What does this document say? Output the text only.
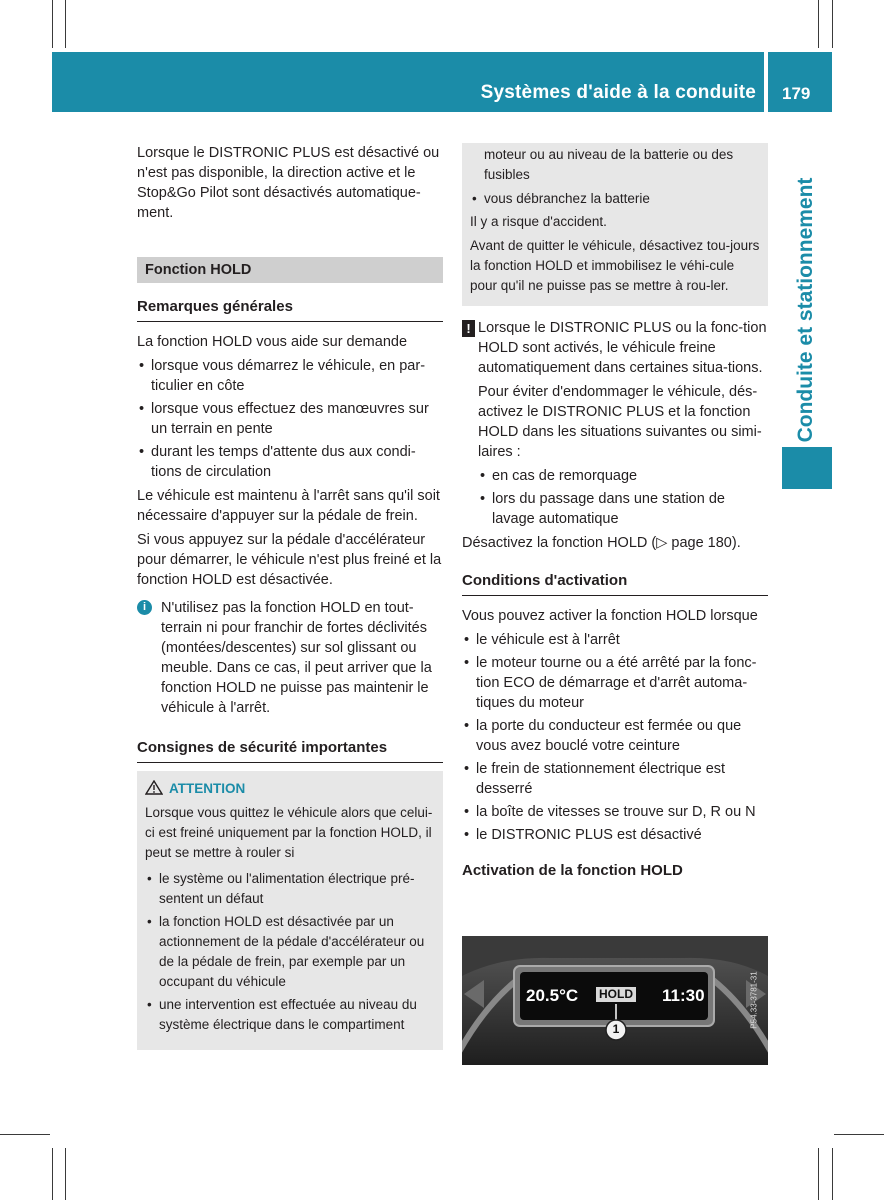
Systèmes d'aide à la conduite 179
Conduite et stationnement

Lorsque le DISTRONIC PLUS est désactivé ou n'est pas disponible, la direction active et le Stop&Go Pilot sont désactivés automatique-ment.

Fonction HOLD
Remarques générales

La fonction HOLD vous aide sur demande

• lorsque vous démarrez le véhicule, en par-ticulier en côte
• lorsque vous effectuez des manœuvres sur un terrain en pente
• durant les temps d'attente dus aux condi-tions de circulation

Le véhicule est maintenu à l'arrêt sans qu'il soit nécessaire d'appuyer sur la pédale de frein.

Si vous appuyez sur la pédale d'accélérateur pour démarrer, le véhicule n'est plus freiné et la fonction HOLD est désactivée.

i	N'utilisez pas la fonction HOLD en tout-terrain ni pour franchir de fortes déclivités (montées/descentes) sur sol glissant ou meuble. Dans ce cas, il peut arriver que la fonction HOLD ne puisse pas maintenir le véhicule à l'arrêt.
Consignes de sécurité importantes
ATTENTION

Lorsque vous quittez le véhicule alors que celui-ci est freiné uniquement par la fonction HOLD, il peut se mettre à rouler si

• le système ou l'alimentation électrique pré-sentent un défaut
• la fonction HOLD est désactivée par un actionnement de la pédale d'accélérateur ou de la pédale de frein, par exemple par un occupant du véhicule
• une intervention est effectuée au niveau du système électrique dans le compartiment

moteur ou au niveau de la batterie ou des fusibles

• vous débranchez la batterie

Il y a risque d'accident.

Avant de quitter le véhicule, désactivez tou-jours la fonction HOLD et immobilisez le véhi-cule pour qu'il ne puisse pas se mettre à rou-ler.

! Lorsque le DISTRONIC PLUS ou la fonc-tion HOLD sont activés, le véhicule freine automatiquement dans certaines situa-tions.

Pour éviter d'endommager le véhicule, dés-activez le DISTRONIC PLUS et la fonction HOLD dans les situations suivantes ou simi-laires :

• en cas de remorquage
• lors du passage dans une station de lavage automatique

Désactivez la fonction HOLD (▷ page 180).

Conditions d'activation

Vous pouvez activer la fonction HOLD lorsque

• le véhicule est à l'arrêt
• le moteur tourne ou a été arrêté par la fonc-tion ECO de démarrage et d'arrêt automa-tiques du moteur
• la porte du conducteur est fermée ou que vous avez bouclé votre ceinture
• le frein de stationnement électrique est desserré
• la boîte de vitesses se trouve sur D, R ou N
• le DISTRONIC PLUS est désactivé
Activation de la fonction HOLD
20.5°C HOLD 11:30
1
P54.33-3781-31
